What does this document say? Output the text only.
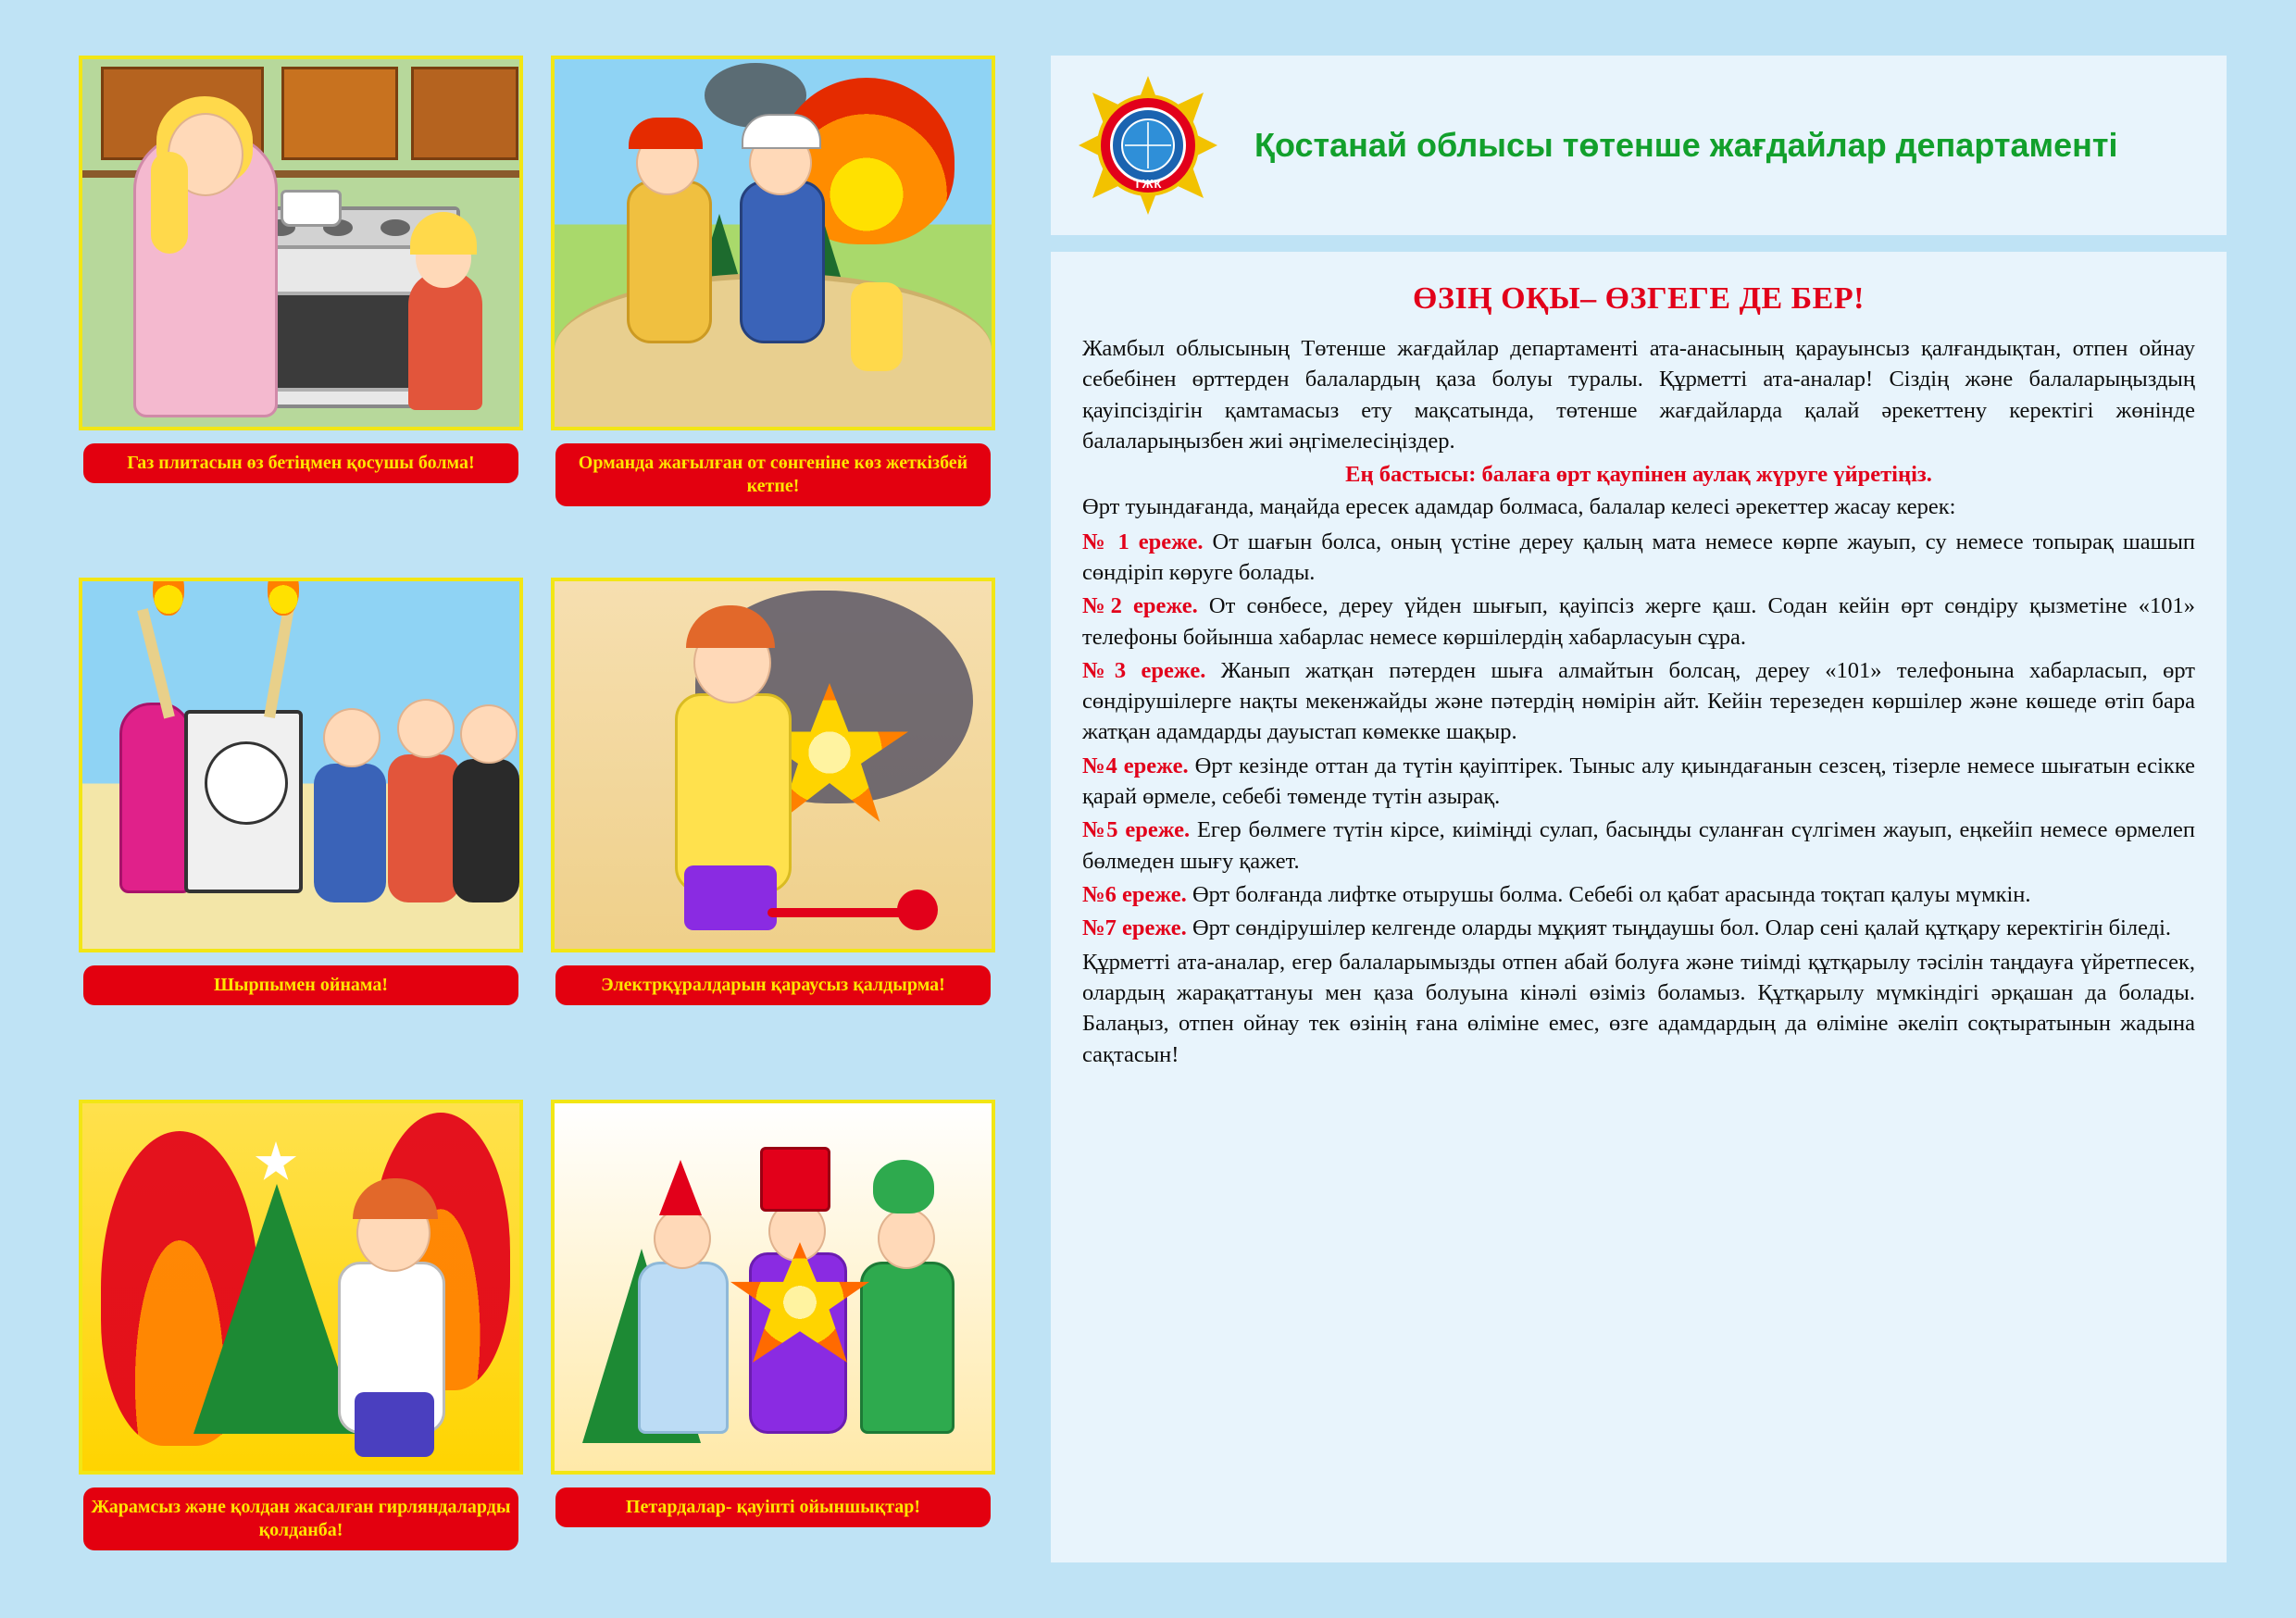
Газ плитасын өз бетіңмен қосушы болма!	Орманда жағылған от сөнгеніне көз жеткізбей кетпе!
Шырпымен ойнама!	Электрқұралдарын қараусыз қалдырма!
Жарамсыз және қолдан жасалған гирляндаларды қолданба!
Петардалар- қауіпті ойыншықтар!
ТЖК
Қостанай облысы төтенше жағдайлар департаменті
ӨЗІҢ ОҚЫ– ӨЗГЕГЕ ДЕ БЕР!

Жамбыл облысының Төтенше жағдайлар департаменті ата-анасының қарауынсыз қалғандықтан, отпен ойнау себебінен өрттерден балалардың қаза болуы туралы. Құрметті ата-аналар! Сіздің және балаларыңыздың қауіпсіздігін қамтамасыз ету мақсатында, төтенше жағдайларда қалай әрекеттену керектігі жөнінде балаларыңызбен жиі әңгімелесіңіздер.

Ең бастысы: балаға өрт қаупінен аулақ жүруге үйретіңіз.

Өрт туындағанда, маңайда ересек адамдар болмаса, балалар келесі әрекеттер жасау керек:

№ 1 ереже. От шағын болса, оның үстіне дереу қалың мата немесе көрпе жауып, су немесе топырақ шашып сөндіріп көруге болады.

№2 ереже. От сөнбесе, дереу үйден шығып, қауіпсіз жерге қаш. Содан кейін өрт сөндіру қызметіне «101» телефоны бойынша хабарлас немесе көршілердің хабарласуын сұра.

№3 ереже. Жанып жатқан пәтерден шыға алмайтын болсаң, дереу «101» телефонына хабарласып, өрт сөндірушілерге нақты мекенжайды және пәтердің нөмірін айт. Кейін терезеден көршілер және көшеде өтіп бара жатқан адамдарды дауыстап көмекке шақыр.

№4 ереже. Өрт кезінде оттан да түтін қауіптірек. Тыныс алу қиындағанын сезсең, тізерле немесе шығатын есікке қарай өрмеле, себебі төменде түтін азырақ.

№5 ереже. Егер бөлмеге түтін кірсе, киіміңді сулап, басыңды суланған сүлгімен жауып, еңкейіп немесе өрмелеп бөлмеден шығу қажет.

№6 ереже. Өрт болғанда лифтке отырушы болма. Себебі ол қабат арасында тоқтап қалуы мүмкін.

№7 ереже. Өрт сөндірушілер келгенде оларды мұқият тыңдаушы бол. Олар сені қалай құтқару керектігін біледі.

Құрметті ата-аналар, егер балаларымызды отпен абай болуға және тиімді құтқарылу тәсілін таңдауға үйретпесек, олардың жарақаттануы мен қаза болуына кінәлі өзіміз боламыз. Құтқарылу мүмкіндігі әрқашан да болады. Балаңыз, отпен ойнау тек өзінің ғана өліміне емес, өзге адамдардың да өліміне әкеліп соқтыратынын жадына сақтасын!
